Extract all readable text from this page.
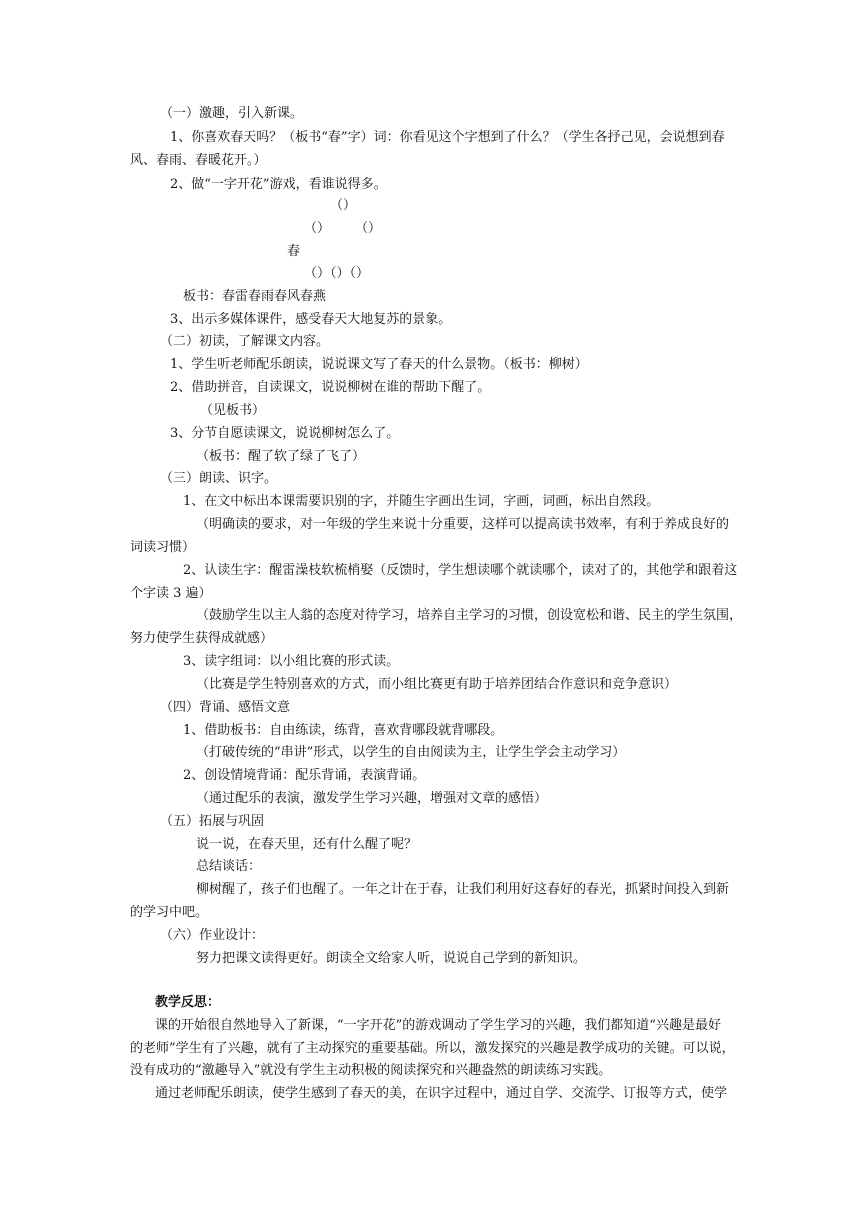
（一）激趣，引入新课。
1、你喜欢春天吗？（板书“春”字）词：你看见这个字想到了什么？（学生各抒己见，会说想到春
风、春雨、春暖花开。）
2、做“一字开花”游戏，看谁说得多。
（）
（） （）
春
（）（）（）
板书：春雷春雨春风春燕
3、出示多媒体课件，感受春天大地复苏的景象。
（二）初读，了解课文内容。
1、学生听老师配乐朗读，说说课文写了春天的什么景物。（板书：柳树）
2、借助拼音，自读课文，说说柳树在谁的帮助下醒了。
（见板书）
3、分节自愿读课文，说说柳树怎么了。
（板书：醒了软了绿了飞了）
（三）朗读、识字。
1、在文中标出本课需要识别的字，并随生字画出生词，字画，词画，标出自然段。
（明确读的要求，对一年级的学生来说十分重要，这样可以提高读书效率，有利于养成良好的
词读习惯）
2、认读生字：醒雷澡枝软梳梢娶（反馈时，学生想读哪个就读哪个，读对了的，其他学和跟着这
个字读 3 遍）
（鼓励学生以主人翁的态度对待学习，培养自主学习的习惯，创设宽松和谐、民主的学生氛围，
努力使学生获得成就感）
3、读字组词：以小组比赛的形式读。
（比赛是学生特别喜欢的方式，而小组比赛更有助于培养团结合作意识和竞争意识）
（四）背诵、感悟文意
1、借助板书：自由练读，练背，喜欢背哪段就背哪段。
（打破传统的“串讲”形式，以学生的自由阅读为主，让学生学会主动学习）
2、创设情境背诵：配乐背诵，表演背诵。
（通过配乐的表演，激发学生学习兴趣，增强对文章的感悟）
（五）拓展与巩固
说一说，在春天里，还有什么醒了呢？
总结谈话：
柳树醒了，孩子们也醒了。一年之计在于春，让我们利用好这春好的春光，抓紧时间投入到新
的学习中吧。
（六）作业设计：
努力把课文读得更好。朗读全文给家人听，说说自己学到的新知识。
教学反思：
课的开始很自然地导入了新课，“一字开花”的游戏调动了学生学习的兴趣，我们都知道“兴趣是最好
的老师”学生有了兴趣，就有了主动探究的重要基础。所以，激发探究的兴趣是教学成功的关键。可以说，
没有成功的“激趣导入”就没有学生主动积极的阅读探究和兴趣盎然的朗读练习实践。
通过老师配乐朗读，使学生感到了春天的美，在识字过程中，通过自学、交流学、订报等方式，使学
